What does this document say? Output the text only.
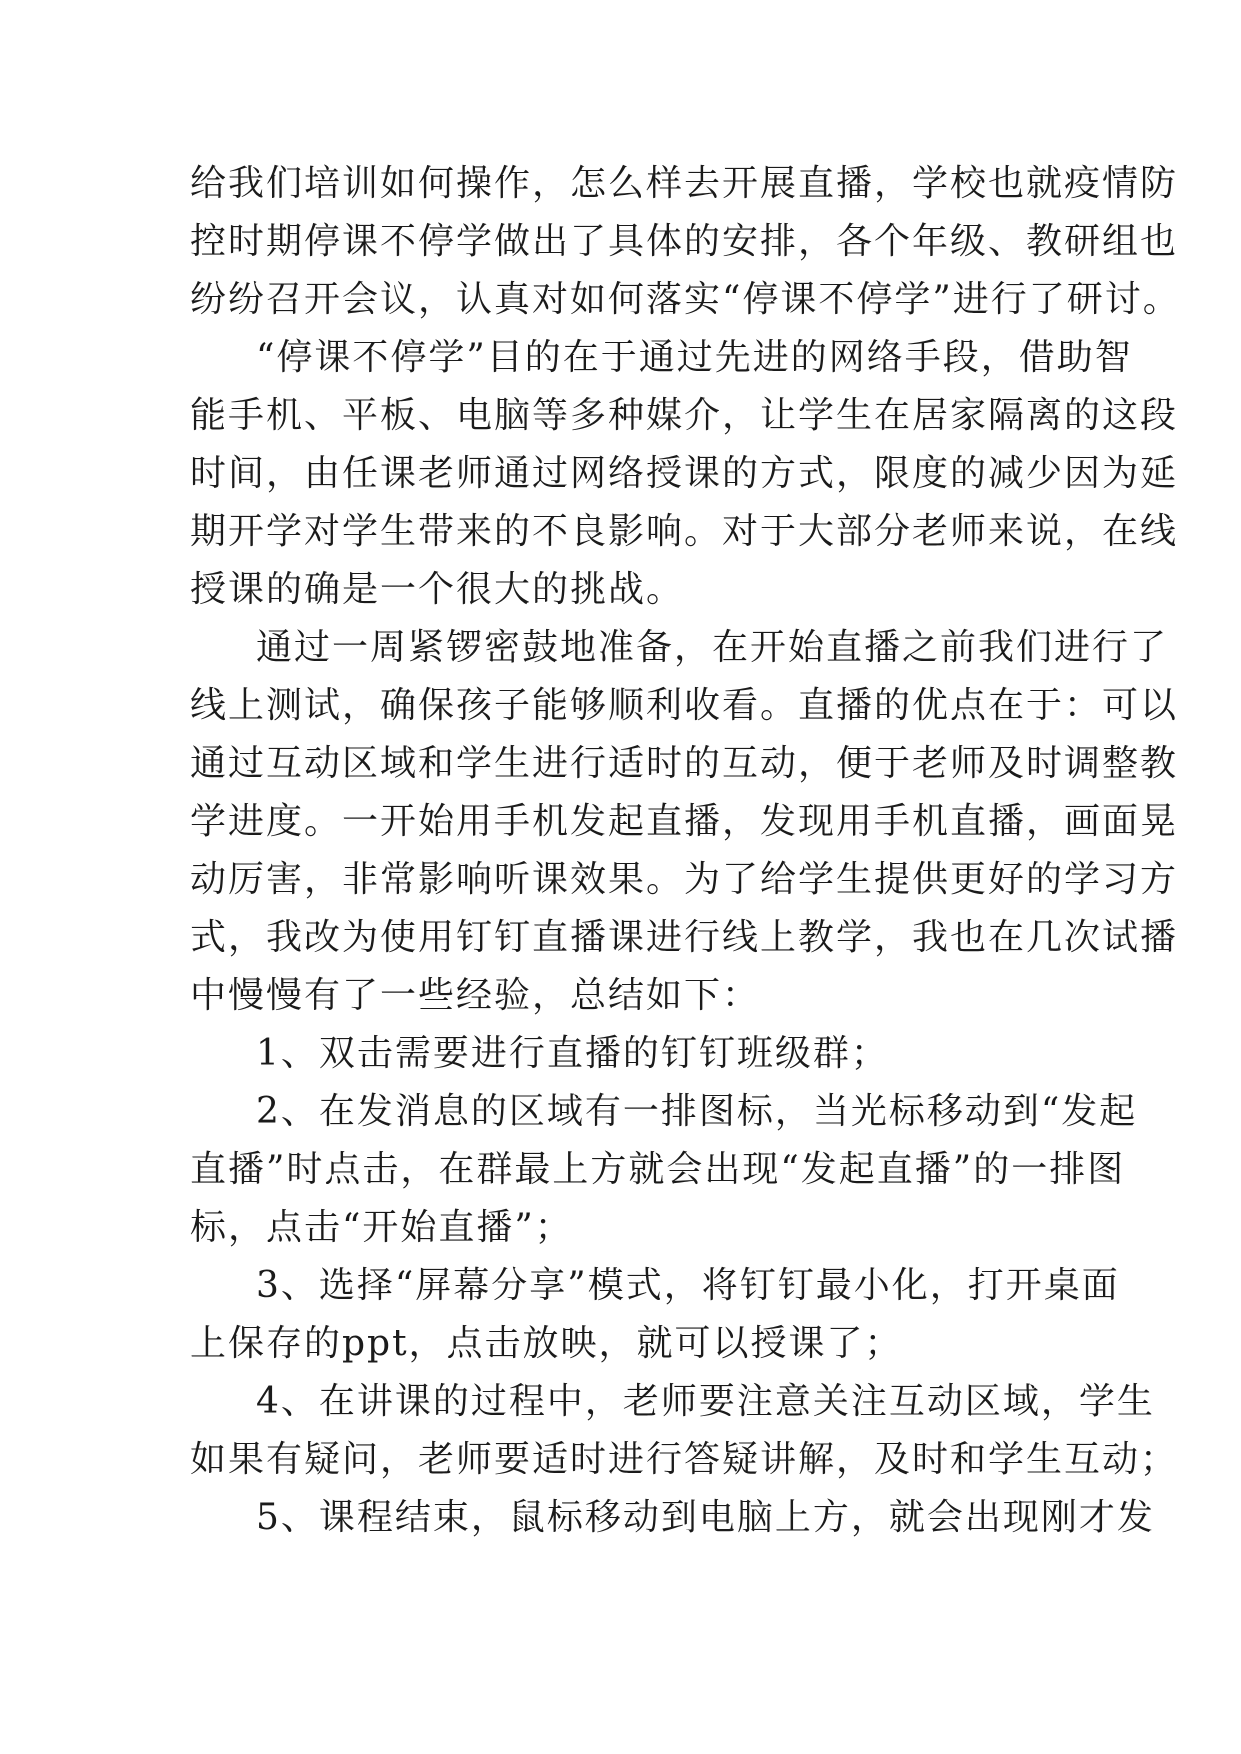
给我们培训如何操作，怎么样去开展直播，学校也就疫情防
控时期停课不停学做出了具体的安排，各个年级、教研组也
纷纷召开会议，认真对如何落实“停课不停学”进行了研讨。
“停课不停学”目的在于通过先进的网络手段，借助智
能手机、平板、电脑等多种媒介，让学生在居家隔离的这段
时间，由任课老师通过网络授课的方式，限度的减少因为延
期开学对学生带来的不良影响。对于大部分老师来说，在线
授课的确是一个很大的挑战。
通过一周紧锣密鼓地准备，在开始直播之前我们进行了
线上测试，确保孩子能够顺利收看。直播的优点在于：可以
通过互动区域和学生进行适时的互动，便于老师及时调整教
学进度。一开始用手机发起直播，发现用手机直播，画面晃
动厉害，非常影响听课效果。为了给学生提供更好的学习方
式，我改为使用钉钉直播课进行线上教学，我也在几次试播
中慢慢有了一些经验，总结如下：
1、双击需要进行直播的钉钉班级群；
2、在发消息的区域有一排图标，当光标移动到“发起
直播”时点击，在群最上方就会出现“发起直播”的一排图
标，点击“开始直播”；
3、选择“屏幕分享”模式，将钉钉最小化，打开桌面
上保存的ppt，点击放映，就可以授课了；
4、在讲课的过程中，老师要注意关注互动区域，学生
如果有疑问，老师要适时进行答疑讲解，及时和学生互动；
5、课程结束，鼠标移动到电脑上方，就会出现刚才发
